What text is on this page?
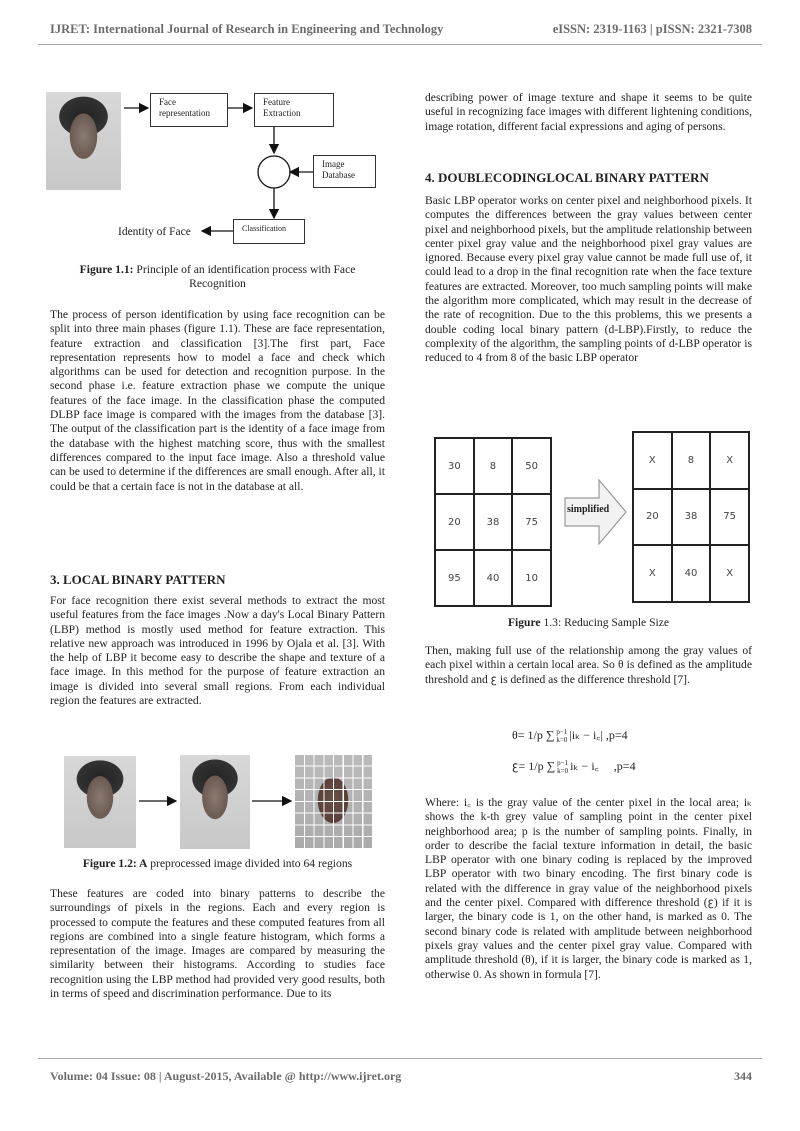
IJRET: International Journal of Research in Engineering and Technology	eISSN: 2319-1163 | pISSN: 2321-7308
Face representation
Feature Extraction
Image Database
Classification
Identity of Face
Figure 1.1: Principle of an identification process with Face Recognition
The process of person identification by using face recognition can be split into three main phases (figure 1.1). These are face representation, feature extraction and classification [3].The first part, Face representation represents how to model a face and check which algorithms can be used for detection and recognition purpose. In the second phase i.e. feature extraction phase we compute the unique features of the face image. In the classification phase the computed DLBP face image is compared with the images from the database [3]. The output of the classification part is the identity of a face image from the database with the highest matching score, thus with the smallest differences compared to the input face image. Also a threshold value can be used to determine if the differences are small enough. After all, it could be that a certain face is not in the database at all.
3. LOCAL BINARY PATTERN
For face recognition there exist several methods to extract the most useful features from the face images .Now a day's Local Binary Pattern (LBP) method is mostly used method for feature extraction. This relative new approach was introduced in 1996 by Ojala et al. [3]. With the help of LBP it become easy to describe the shape and texture of a face image. In this method for the purpose of feature extraction an image is divided into several small regions. From each individual region the features are extracted.
Figure 1.2: A preprocessed image divided into 64 regions
These features are coded into binary patterns to describe the surroundings of pixels in the regions. Each and every region is processed to compute the features and these computed features from all regions are combined into a single feature histogram, which forms a representation of the image. Images are compared by measuring the similarity between their histograms. According to studies face recognition using the LBP method had provided very good results, both in terms of speed and discrimination performance. Due to its
describing power of image texture and shape it seems to be quite useful in recognizing face images with different lightening conditions, image rotation, different facial expressions and aging of persons.
4. DOUBLECODINGLOCAL BINARY PATTERN
Basic LBP operator works on center pixel and neighborhood pixels. It computes the differences between the gray values between center pixel and neighborhood pixels, but the amplitude relationship between center pixel gray value and the neighborhood pixel gray values are ignored. Because every pixel gray value cannot be made full use of, it could lead to a drop in the final recognition rate when the face texture features are extracted. Moreover, too much sampling points will make the algorithm more complicated, which may result in the decrease of the rate of recognition. Due to the this problems, this we presents a double coding local binary pattern (d-LBP).Firstly, to reduce the complexity of the algorithm, the sampling points of d-LBP operator is reduced to 4 from 8 of the basic LBP operator
30	8	50
20	38	75
95	40	10
simplified
X	8	X
20	38	75
X	40	X
Figure 1.3: Reducing Sample Size
Then, making full use of the relationship among the gray values of each pixel within a certain local area. So θ is defined as the amplitude threshold and ꜫ is defined as the difference threshold [7].
θ= 1/p ∑ p−1
k=0 |iₖ − i꜀| ,p=4
ꜫ= 1/p ∑ p−1
k=0 iₖ − i꜀     ,p=4
Where: i꜀ is the gray value of the center pixel in the local area; iₖ shows the k-th grey value of sampling point in the center pixel neighborhood area; p is the number of sampling points. Finally, in order to describe the facial texture information in detail, the basic LBP operator with one binary coding is replaced by the improved LBP operator with two binary encoding. The first binary code is related with the difference in gray value of the neighborhood pixels and the center pixel. Compared with difference threshold (ꜫ) if it is larger, the binary code is 1, on the other hand, is marked as 0. The second binary code is related with amplitude between neighborhood pixels gray values and the center pixel gray value. Compared with amplitude threshold (θ), if it is larger, the binary code is marked as 1, otherwise 0. As shown in formula [7].
Volume: 04 Issue: 08 | August-2015, Available @ http://www.ijret.org	344
